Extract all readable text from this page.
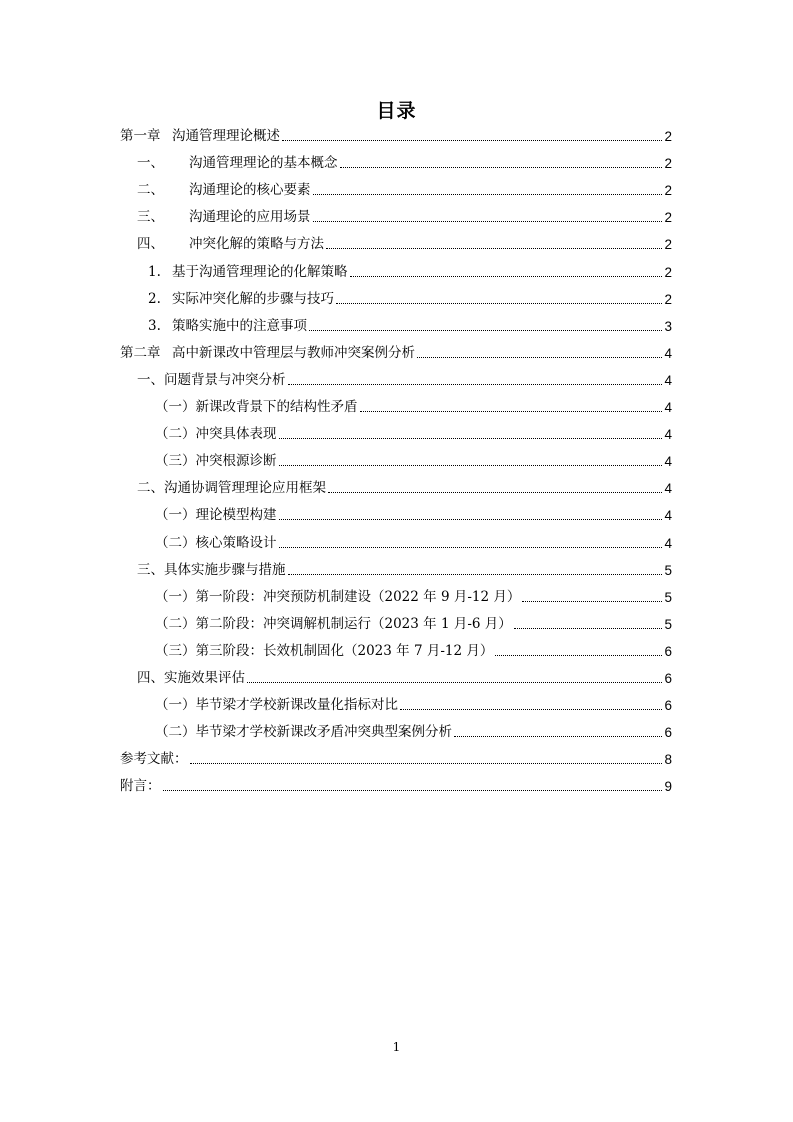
目录
第一章 沟通管理理论概述	2
一、 沟通管理理论的基本概念	2
二、 沟通理论的核心要素	2
三、 沟通理论的应用场景	2
四、 冲突化解的策略与方法	2
1. 基于沟通管理理论的化解策略	2
2. 实际冲突化解的步骤与技巧	2
3. 策略实施中的注意事项	3
第二章 高中新课改中管理层与教师冲突案例分析	4
一、问题背景与冲突分析	4
（一）新课改背景下的结构性矛盾	4
（二）冲突具体表现	4
（三）冲突根源诊断	4
二、沟通协调管理理论应用框架	4
（一）理论模型构建	4
（二）核心策略设计	4
三、具体实施步骤与措施	5
（一）第一阶段：冲突预防机制建设（2022 年 9 月-12 月）	5
（二）第二阶段：冲突调解机制运行（2023 年 1 月-6 月）	5
（三）第三阶段：长效机制固化（2023 年 7 月-12 月）	6
四、实施效果评估	6
（一）毕节梁才学校新课改量化指标对比	6
（二）毕节梁才学校新课改矛盾冲突典型案例分析	6
参考文献：	8
附言：	9
1
